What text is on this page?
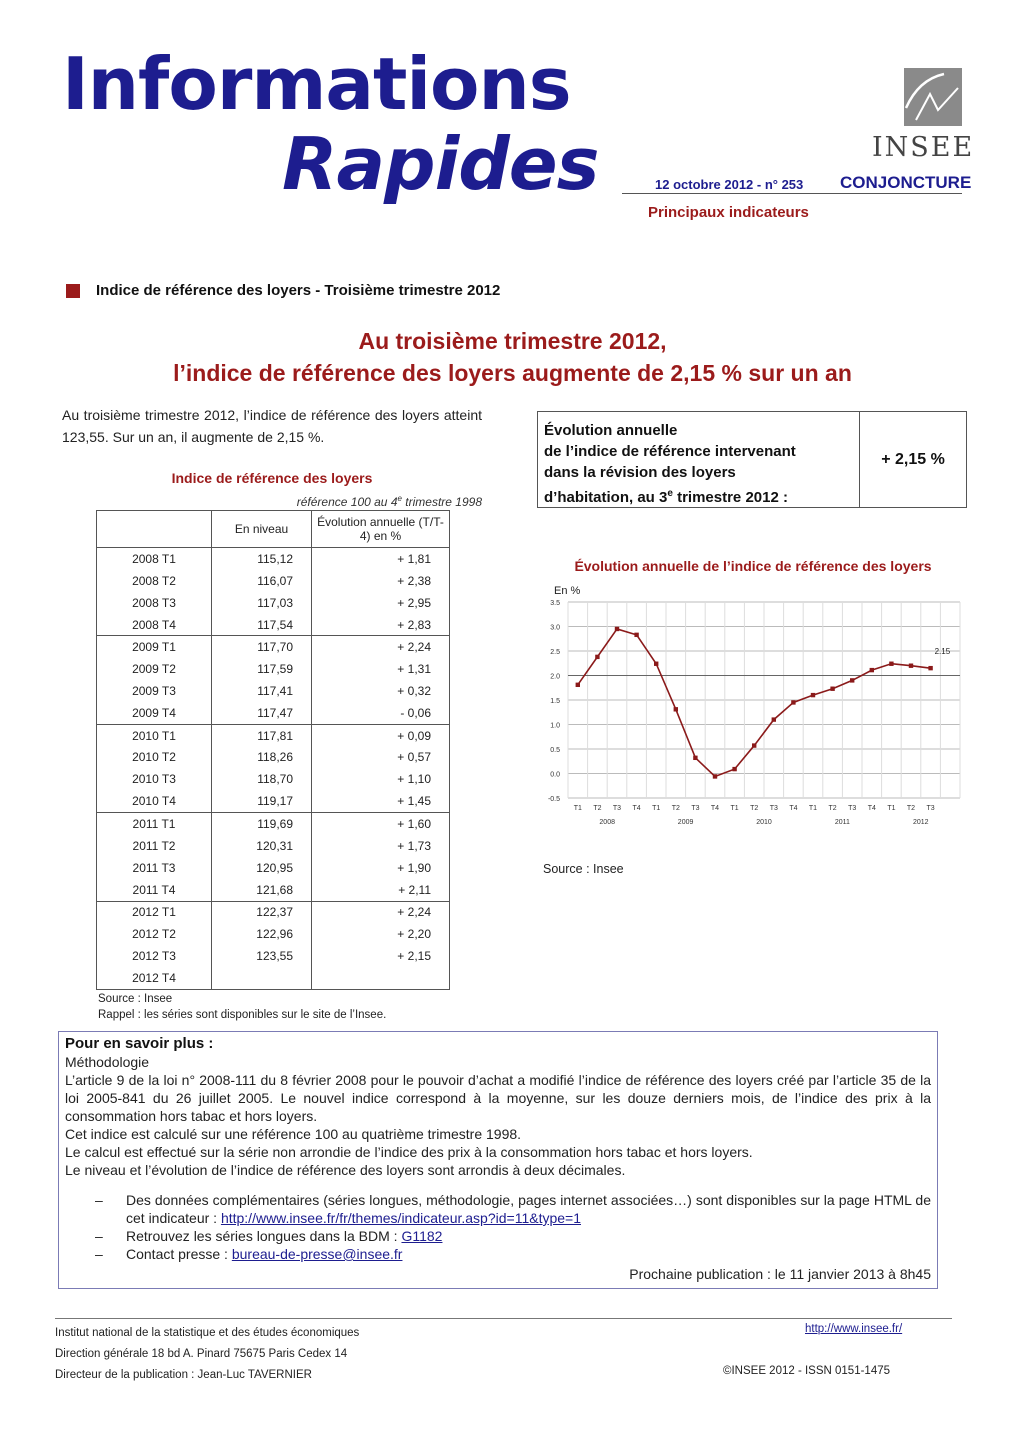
Informations
Rapides	12 octobre 2012 - n° 253 CONJONCTURE
Principaux indicateurs
INSEE
Indice de référence des loyers - Troisième trimestre 2012
Au troisième trimestre 2012,
l’indice de référence des loyers augmente de 2,15 % sur un an
Au troisième trimestre 2012, l’indice de référence des loyers atteint 123,55. Sur un an, il augmente de 2,15 %.
Indice de référence des loyers
référence 100 au 4e trimestre 1998
	En niveau	Évolution annuelle (T/T-4) en %
2008 T1	115,12	+ 1,81
2008 T2	116,07	+ 2,38
2008 T3	117,03	+ 2,95
2008 T4	117,54	+ 2,83
2009 T1	117,70	+ 2,24
2009 T2	117,59	+ 1,31
2009 T3	117,41	+ 0,32
2009 T4	117,47	- 0,06
2010 T1	117,81	+ 0,09
2010 T2	118,26	+ 0,57
2010 T3	118,70	+ 1,10
2010 T4	119,17	+ 1,45
2011 T1	119,69	+ 1,60
2011 T2	120,31	+ 1,73
2011 T3	120,95	+ 1,90
2011 T4	121,68	+ 2,11
2012 T1	122,37	+ 2,24
2012 T2	122,96	+ 2,20
2012 T3	123,55	+ 2,15
2012 T4		
Source : Insee
Rappel : les séries sont disponibles sur le site de l’Insee.
Évolution annuelle
de l’indice de référence intervenant
dans la révision des loyers
d’habitation, au 3e trimestre 2012 :
+ 2,15 %
Évolution annuelle de l’indice de référence des loyers
En %
3.5
3.0
2.5
2.0
1.5
1.0
0.5
0.0
-0.5
T1 T2 T3 T4 T1 T2 T3 T4 T1 T2 T3 T4 T1 T2 T3 T4 T1 T2 T3
2008	2009	2010	2011	2012
2.15
Source : Insee
Pour en savoir plus :
Méthodologie

L’article 9 de la loi n° 2008-111 du 8 février 2008 pour le pouvoir d’achat a modifié l’indice de référence des loyers créé par l’article 35 de la loi 2005-841 du 26 juillet 2005. Le nouvel indice correspond à la moyenne, sur les douze derniers mois, de l’indice des prix à la consommation hors tabac et hors loyers.

Cet indice est calculé sur une référence 100 au quatrième trimestre 1998.

Le calcul est effectué sur la série non arrondie de l’indice des prix à la consommation hors tabac et hors loyers.

Le niveau et l’évolution de l’indice de référence des loyers sont arrondis à deux décimales.

– Des données complémentaires (séries longues, méthodologie, pages internet associées…) sont disponibles sur la page HTML de cet indicateur : http://www.insee.fr/fr/themes/indicateur.asp?id=11&type=1
– Retrouvez les séries longues dans la BDM : G1182
– Contact presse : bureau-de-presse@insee.fr
Prochaine publication : le 11 janvier 2013 à 8h45
Institut national de la statistique et des études économiques
Direction générale 18 bd A. Pinard 75675 Paris Cedex 14
Directeur de la publication : Jean-Luc TAVERNIER
http://www.insee.fr/
©INSEE 2012 - ISSN 0151-1475
